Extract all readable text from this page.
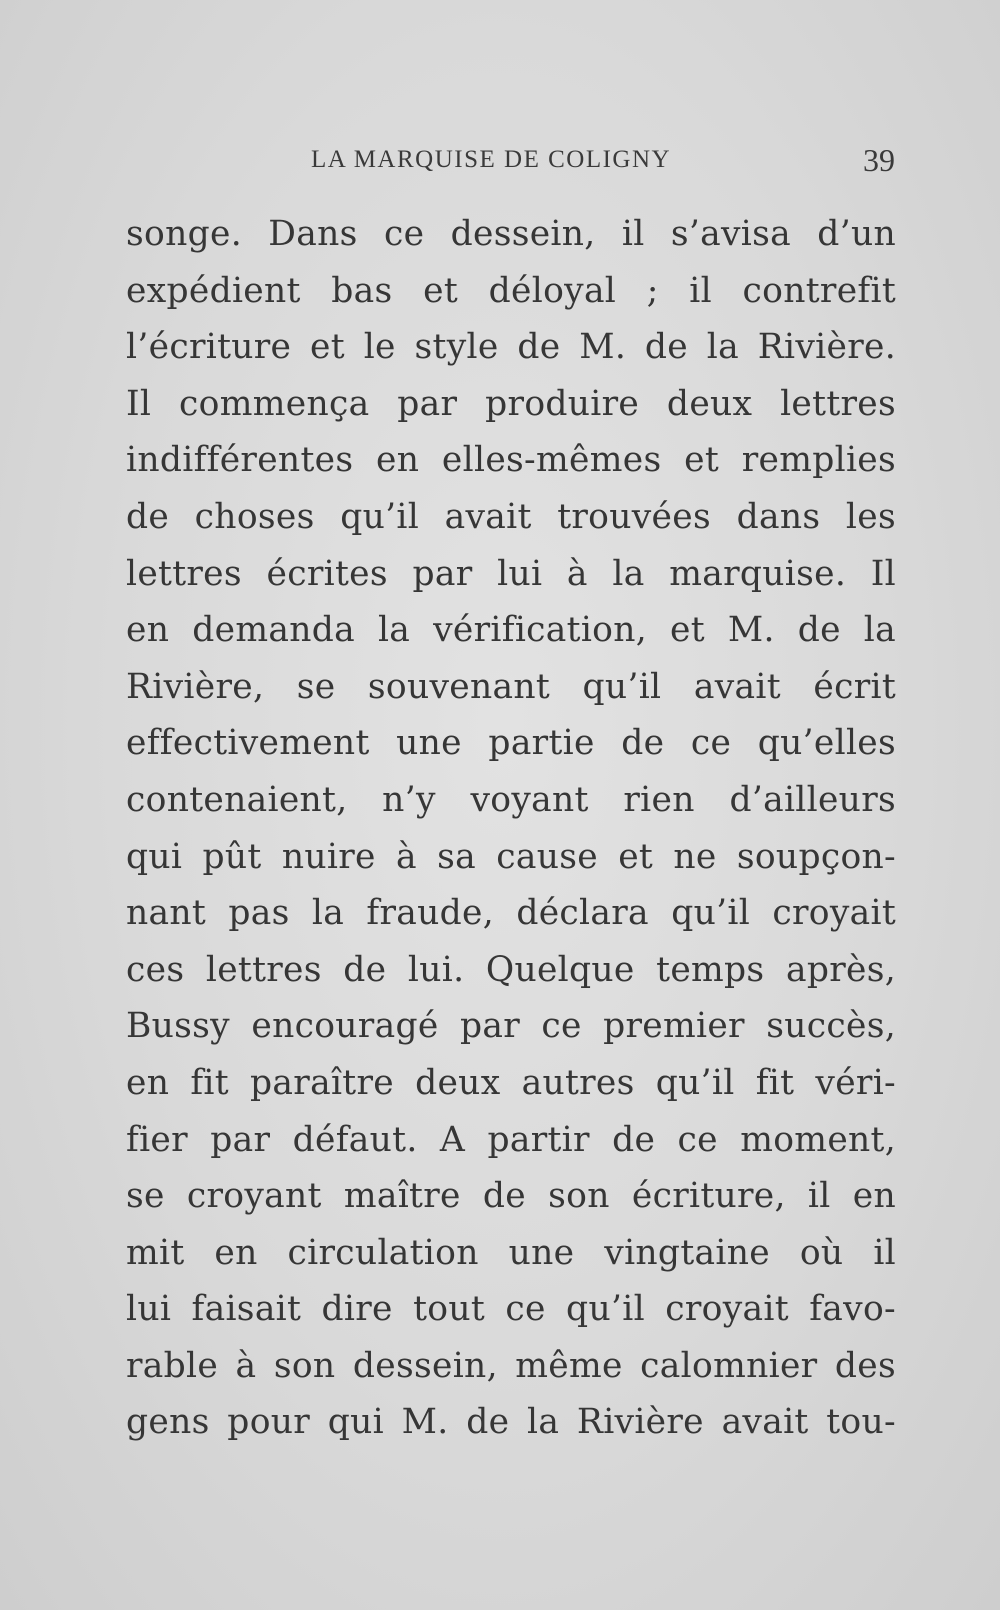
LA MARQUISE DE COLIGNY	39
songe. Dans ce dessein, il s’avisa d’un
expédient bas et déloyal ; il contrefit
l’écriture et le style de M. de la Rivière.
Il commença par produire deux lettres
indifférentes en elles-mêmes et remplies
de choses qu’il avait trouvées dans les
lettres écrites par lui à la marquise. Il
en demanda la vérification, et M. de la
Rivière, se souvenant qu’il avait écrit
effectivement une partie de ce qu’elles
contenaient, n’y voyant rien d’ailleurs
qui pût nuire à sa cause et ne soupçon-
nant pas la fraude, déclara qu’il croyait
ces lettres de lui. Quelque temps après,
Bussy encouragé par ce premier succès,
en fit paraître deux autres qu’il fit véri-
fier par défaut. A partir de ce moment,
se croyant maître de son écriture, il en
mit en circulation une vingtaine où il
lui faisait dire tout ce qu’il croyait favo-
rable à son dessein, même calomnier des
gens pour qui M. de la Rivière avait tou-
